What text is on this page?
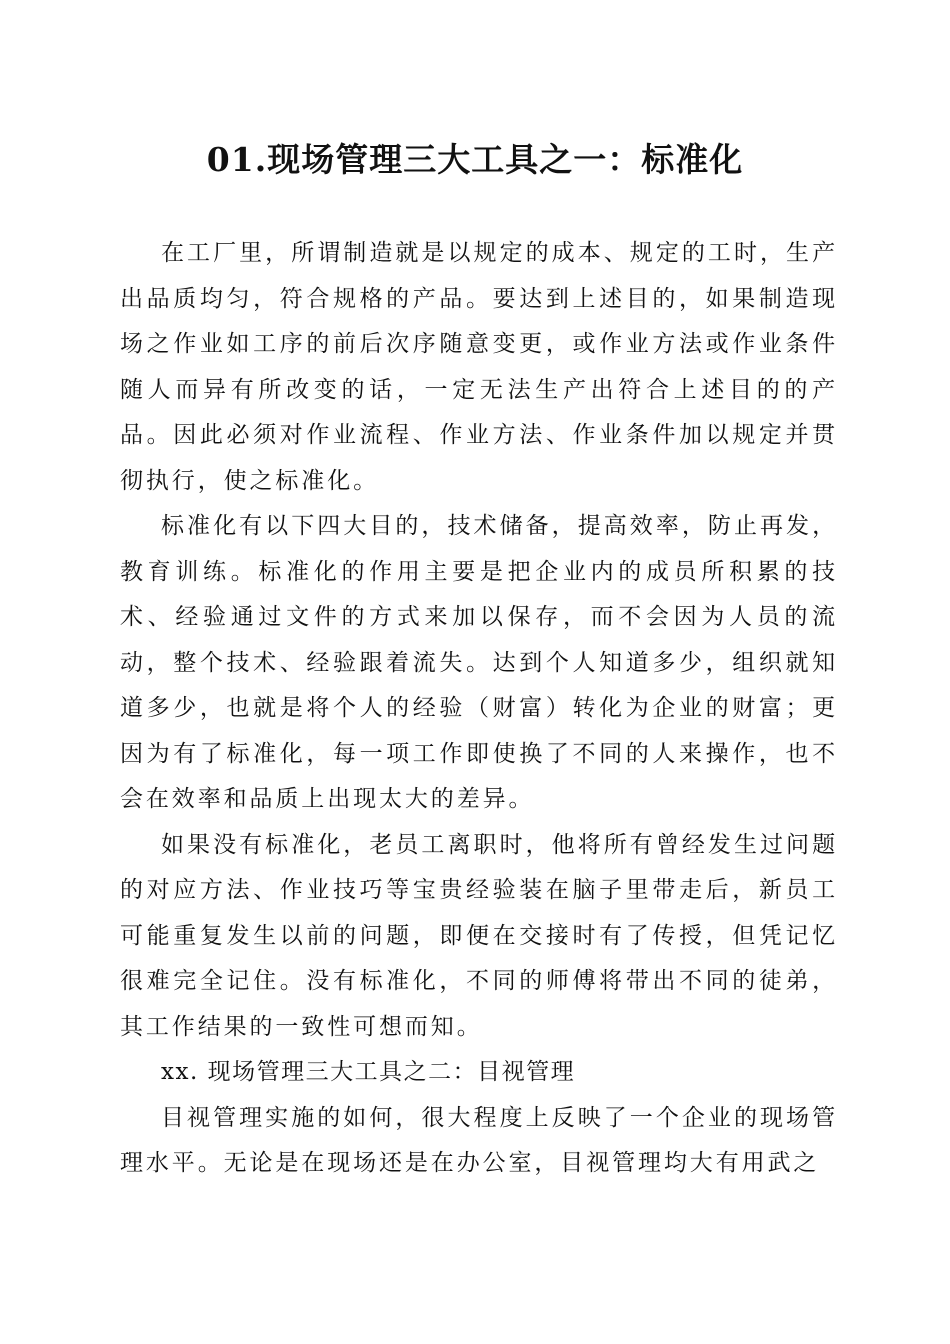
01.现场管理三大工具之一：标准化

在工厂里，所谓制造就是以规定的成本、规定的工时，生产出品质均匀，符合规格的产品。要达到上述目的，如果制造现场之作业如工序的前后次序随意变更，或作业方法或作业条件随人而异有所改变的话，一定无法生产出符合上述目的的产品。因此必须对作业流程、作业方法、作业条件加以规定并贯彻执行，使之标准化。

标准化有以下四大目的，技术储备，提高效率，防止再发，教育训练。标准化的作用主要是把企业内的成员所积累的技术、经验通过文件的方式来加以保存，而不会因为人员的流动，整个技术、经验跟着流失。达到个人知道多少，组织就知道多少，也就是将个人的经验（财富）转化为企业的财富；更因为有了标准化，每一项工作即使换了不同的人来操作，也不会在效率和品质上出现太大的差异。

如果没有标准化，老员工离职时，他将所有曾经发生过问题的对应方法、作业技巧等宝贵经验装在脑子里带走后，新员工可能重复发生以前的问题，即便在交接时有了传授，但凭记忆很难完全记住。没有标准化，不同的师傅将带出不同的徒弟，其工作结果的一致性可想而知。

xx. 现场管理三大工具之二：目视管理

目视管理实施的如何，很大程度上反映了一个企业的现场管理水平。无论是在现场还是在办公室，目视管理均大有用武之
